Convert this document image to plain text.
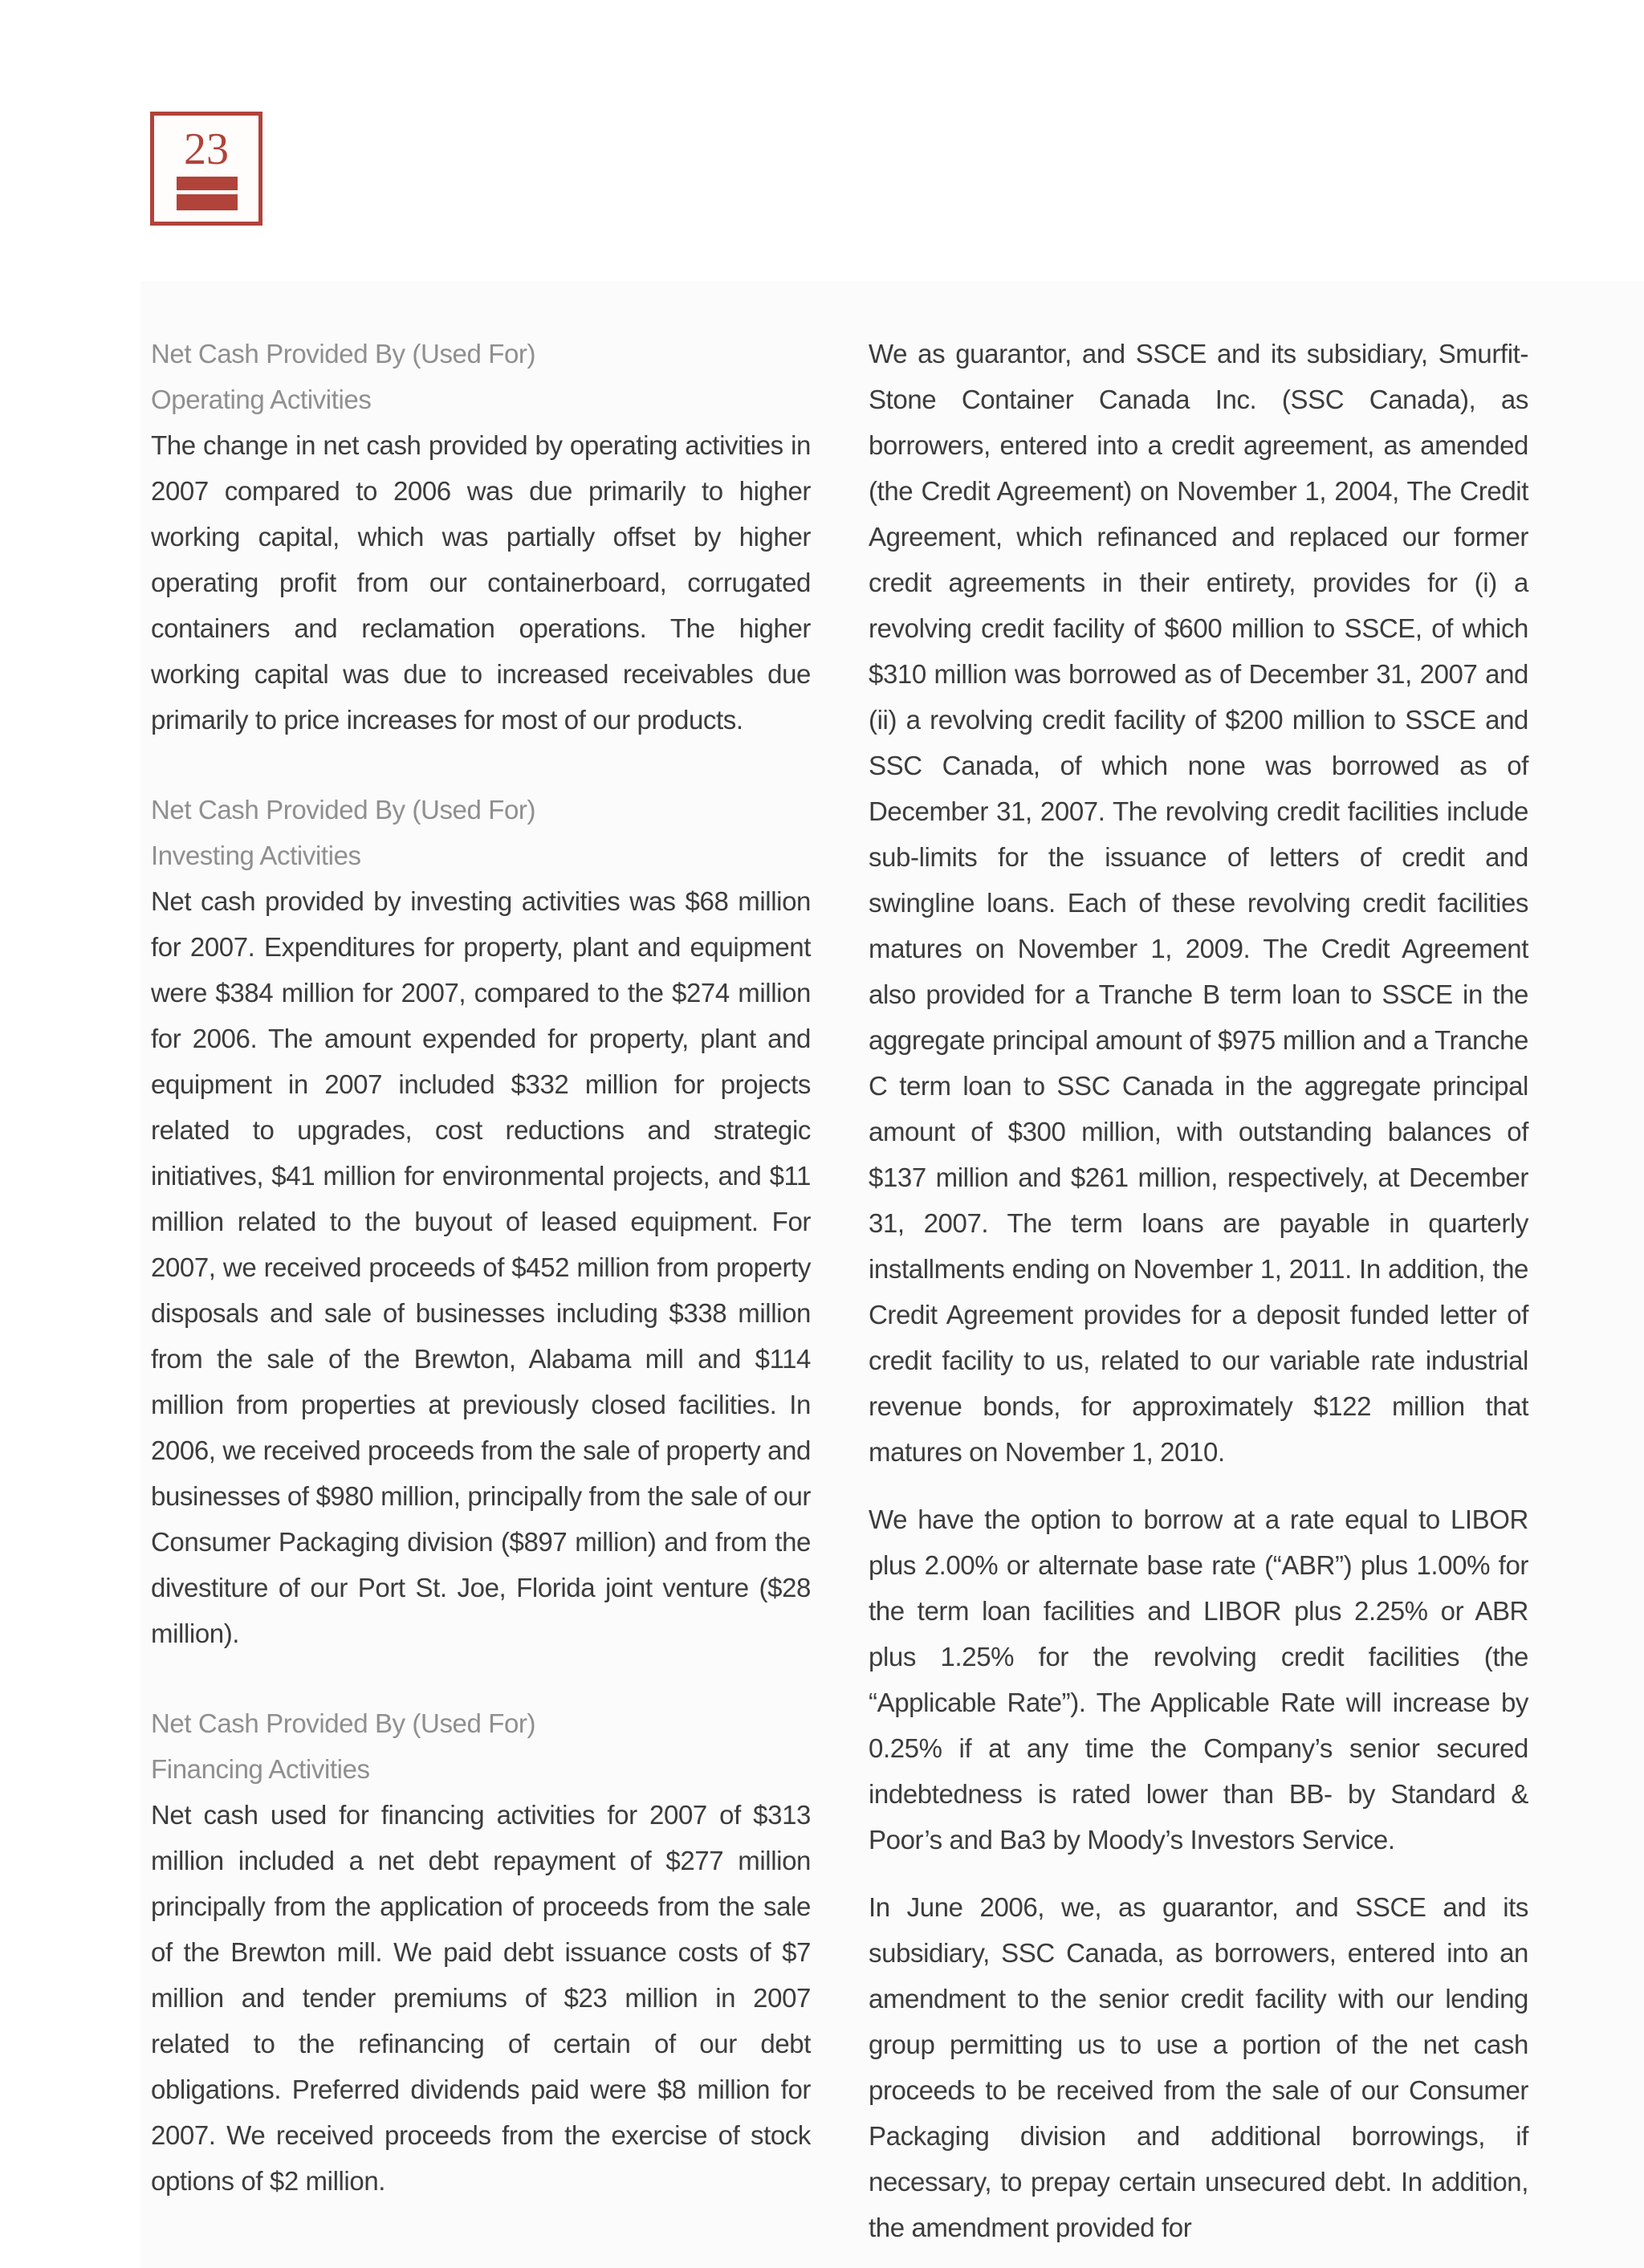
23
Net Cash Provided By (Used For)
Operating Activities

The change in net cash provided by operating activities in 2007 compared to 2006 was due primarily to higher working capital, which was partially offset by higher operating profit from our containerboard, corrugated containers and reclamation operations. The higher working capital was due to increased receivables due primarily to price increases for most of our products.

Net Cash Provided By (Used For)
Investing Activities

Net cash provided by investing activities was $68 million for 2007. Expenditures for property, plant and equipment were $384 million for 2007, compared to the $274 million for 2006. The amount expended for property, plant and equipment in 2007 included $332 million for projects related to upgrades, cost reductions and strategic initiatives, $41 million for environmental projects, and $11 million related to the buyout of leased equipment. For 2007, we received proceeds of $452 million from property disposals and sale of businesses including $338 million from the sale of the Brewton, Alabama mill and $114 million from properties at previously closed facilities. In 2006, we received proceeds from the sale of property and businesses of $980 million, principally from the sale of our Consumer Packaging division ($897 million) and from the divestiture of our Port St. Joe, Florida joint venture ($28 million).

Net Cash Provided By (Used For)
Financing Activities

Net cash used for financing activities for 2007 of $313 million included a net debt repayment of $277 million principally from the application of proceeds from the sale of the Brewton mill. We paid debt issuance costs of $7 million and tender premiums of $23 million in 2007 related to the refinancing of certain of our debt obligations. Preferred dividends paid were $8 million for 2007. We received proceeds from the exercise of stock options of $2 million.

We as guarantor, and SSCE and its subsidiary, Smurfit-Stone Container Canada Inc. (SSC Canada), as borrowers, entered into a credit agreement, as amended (the Credit Agreement) on November 1, 2004, The Credit Agreement, which refinanced and replaced our former credit agreements in their entirety, provides for (i) a revolving credit facility of $600 million to SSCE, of which $310 million was borrowed as of December 31, 2007 and (ii) a revolving credit facility of $200 million to SSCE and SSC Canada, of which none was borrowed as of December 31, 2007. The revolving credit facilities include sub-limits for the issuance of letters of credit and swingline loans. Each of these revolving credit facilities matures on November 1, 2009. The Credit Agreement also provided for a Tranche B term loan to SSCE in the aggregate principal amount of $975 million and a Tranche C term loan to SSC Canada in the aggregate principal amount of $300 million, with outstanding balances of $137 million and $261 million, respectively, at December 31, 2007. The term loans are payable in quarterly installments ending on November 1, 2011. In addition, the Credit Agreement provides for a deposit funded letter of credit facility to us, related to our variable rate industrial revenue bonds, for approximately $122 million that matures on November 1, 2010.

We have the option to borrow at a rate equal to LIBOR plus 2.00% or alternate base rate (“ABR”) plus 1.00% for the term loan facilities and LIBOR plus 2.25% or ABR plus 1.25% for the revolving credit facilities (the “Applicable Rate”). The Applicable Rate will increase by 0.25% if at any time the Company’s senior secured indebtedness is rated lower than BB- by Standard & Poor’s and Ba3 by Moody’s Investors Service.

In June 2006, we, as guarantor, and SSCE and its subsidiary, SSC Canada, as borrowers, entered into an amendment to the senior credit facility with our lending group permitting us to use a portion of the net cash proceeds to be received from the sale of our Consumer Packaging division and additional borrowings, if necessary, to prepay certain unsecured debt. In addition, the amendment provided for
